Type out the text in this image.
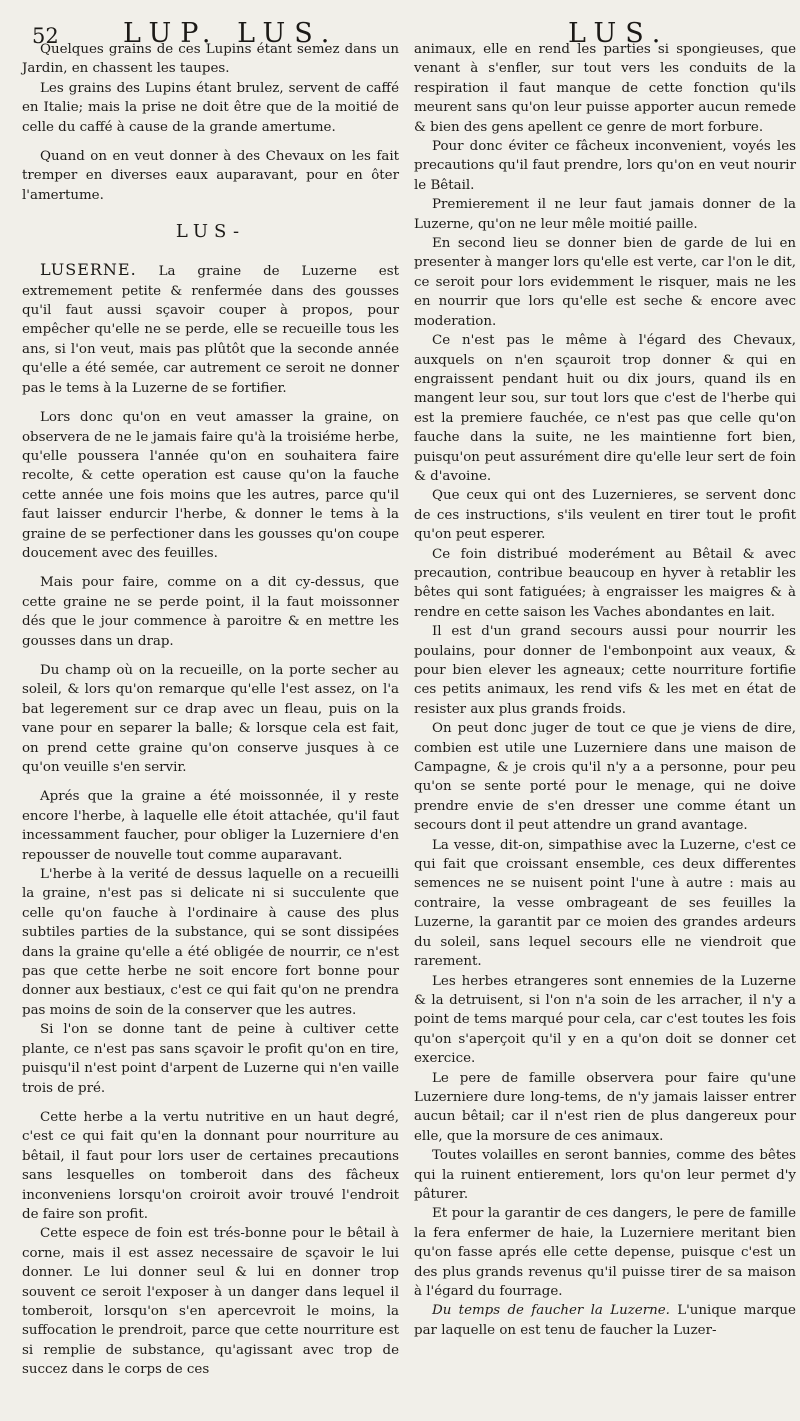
52 LUP. LUS.	LUS.

Quelques grains de ces Lupins étant semez dans un Jardin, en chassent les taupes.

Les grains des Lupins étant brulez, servent de caffé en Italie; mais la prise ne doit être que de la moitié de celle du caffé à cause de la grande amertume.

Quand on en veut donner à des Chevaux on les fait tremper en diverses eaux auparavant, pour en ôter l'amertume.

LUS-

LUSERNE. La graine de Luzerne est extremement petite & renfermée dans des gousses qu'il faut aussi sçavoir couper à propos, pour empêcher qu'elle ne se perde, elle se recueille tous les ans, si l'on veut, mais pas plûtôt que la seconde année qu'elle a été semée, car autrement ce seroit ne donner pas le tems à la Luzerne de se fortifier.

Lors donc qu'on en veut amasser la graine, on observera de ne le jamais faire qu'à la troisiéme herbe, qu'elle poussera l'année qu'on en souhaitera faire recolte, & cette operation est cause qu'on la fauche cette année une fois moins que les autres, parce qu'il faut laisser endurcir l'herbe, & donner le tems à la graine de se perfectioner dans les gousses qu'on coupe doucement avec des feuilles.

Mais pour faire, comme on a dit cy-dessus, que cette graine ne se perde point, il la faut moissonner dés que le jour commence à paroitre & en mettre les gousses dans un drap.

Du champ où on la recueille, on la porte secher au soleil, & lors qu'on remarque qu'elle l'est assez, on l'a bat legerement sur ce drap avec un fleau, puis on la vane pour en separer la balle; & lorsque cela est fait, on prend cette graine qu'on conserve jusques à ce qu'on veuille s'en servir.

Aprés que la graine a été moissonnée, il y reste encore l'herbe, à laquelle elle étoit attachée, qu'il faut incessamment faucher, pour obliger la Luzerniere d'en repousser de nouvelle tout comme auparavant.

L'herbe à la verité de dessus laquelle on a recueilli la graine, n'est pas si delicate ni si succulente que celle qu'on fauche à l'ordinaire à cause des plus subtiles parties de la substance, qui se sont dissipées dans la graine qu'elle a été obligée de nourrir, ce n'est pas que cette herbe ne soit encore fort bonne pour donner aux bestiaux, c'est ce qui fait qu'on ne prendra pas moins de soin de la conserver que les autres.

Si l'on se donne tant de peine à cultiver cette plante, ce n'est pas sans sçavoir le profit qu'on en tire, puisqu'il n'est point d'arpent de Luzerne qui n'en vaille trois de pré.

Cette herbe a la vertu nutritive en un haut degré, c'est ce qui fait qu'en la donnant pour nourriture au bêtail, il faut pour lors user de certaines precautions sans lesquelles on tomberoit dans des fâcheux inconveniens lorsqu'on croiroit avoir trouvé l'endroit de faire son profit.

Cette espece de foin est trés-bonne pour le bêtail à corne, mais il est assez necessaire de sçavoir le lui donner. Le lui donner seul & lui en donner trop souvent ce seroit l'exposer à un danger dans lequel il tomberoit, lorsqu'on s'en apercevroit le moins, la suffocation le prendroit, parce que cette nourriture est si remplie de substance, qu'agissant avec trop de succez dans le corps de ces

animaux, elle en rend les parties si spongieuses, que venant à s'enfler, sur tout vers les conduits de la respiration il faut manque de cette fonction qu'ils meurent sans qu'on leur puisse apporter aucun remede & bien des gens apellent ce genre de mort forbure.

Pour donc éviter ce fâcheux inconvenient, voyés les precautions qu'il faut prendre, lors qu'on en veut nourir le Bêtail.

Premierement il ne leur faut jamais donner de la Luzerne, qu'on ne leur mêle moitié paille.

En second lieu se donner bien de garde de lui en presenter à manger lors qu'elle est verte, car l'on le dit, ce seroit pour lors evidemment le risquer, mais ne les en nourrir que lors qu'elle est seche & encore avec moderation.

Ce n'est pas le même à l'égard des Chevaux, auxquels on n'en sçauroit trop donner & qui en engraissent pendant huit ou dix jours, quand ils en mangent leur sou, sur tout lors que c'est de l'herbe qui est la premiere fauchée, ce n'est pas que celle qu'on fauche dans la suite, ne les maintienne fort bien, puisqu'on peut assurément dire qu'elle leur sert de foin & d'avoine.

Que ceux qui ont des Luzernieres, se servent donc de ces instructions, s'ils veulent en tirer tout le profit qu'on peut esperer.

Ce foin distribué moderément au Bêtail & avec precaution, contribue beaucoup en hyver à retablir les bêtes qui sont fatiguées; à engraisser les maigres & à rendre en cette saison les Vaches abondantes en lait.

Il est d'un grand secours aussi pour nourrir les poulains, pour donner de l'embonpoint aux veaux, & pour bien elever les agneaux; cette nourriture fortifie ces petits animaux, les rend vifs & les met en état de resister aux plus grands froids.

On peut donc juger de tout ce que je viens de dire, combien est utile une Luzerniere dans une maison de Campagne, & je crois qu'il n'y a a personne, pour peu qu'on se sente porté pour le menage, qui ne doive prendre envie de s'en dresser une comme étant un secours dont il peut attendre un grand avantage.

La vesse, dit-on, simpathise avec la Luzerne, c'est ce qui fait que croissant ensemble, ces deux differentes semences ne se nuisent point l'une à autre : mais au contraire, la vesse ombrageant de ses feuilles la Luzerne, la garantit par ce moien des grandes ardeurs du soleil, sans lequel secours elle ne viendroit que rarement.

Les herbes etrangeres sont ennemies de la Luzerne & la detruisent, si l'on n'a soin de les arracher, il n'y a point de tems marqué pour cela, car c'est toutes les fois qu'on s'aperçoit qu'il y en a qu'on doit se donner cet exercice.

Le pere de famille observera pour faire qu'une Luzerniere dure long-tems, de n'y jamais laisser entrer aucun bêtail; car il n'est rien de plus dangereux pour elle, que la morsure de ces animaux.

Toutes volailles en seront bannies, comme des bêtes qui la ruinent entierement, lors qu'on leur permet d'y pâturer.

Et pour la garantir de ces dangers, le pere de famille la fera enfermer de haie, la Luzerniere meritant bien qu'on fasse aprés elle cette depense, puisque c'est un des plus grands revenus qu'il puisse tirer de sa maison à l'égard du fourrage.

Du temps de faucher la Luzerne. L'unique marque par laquelle on est tenu de faucher la Luzer-
